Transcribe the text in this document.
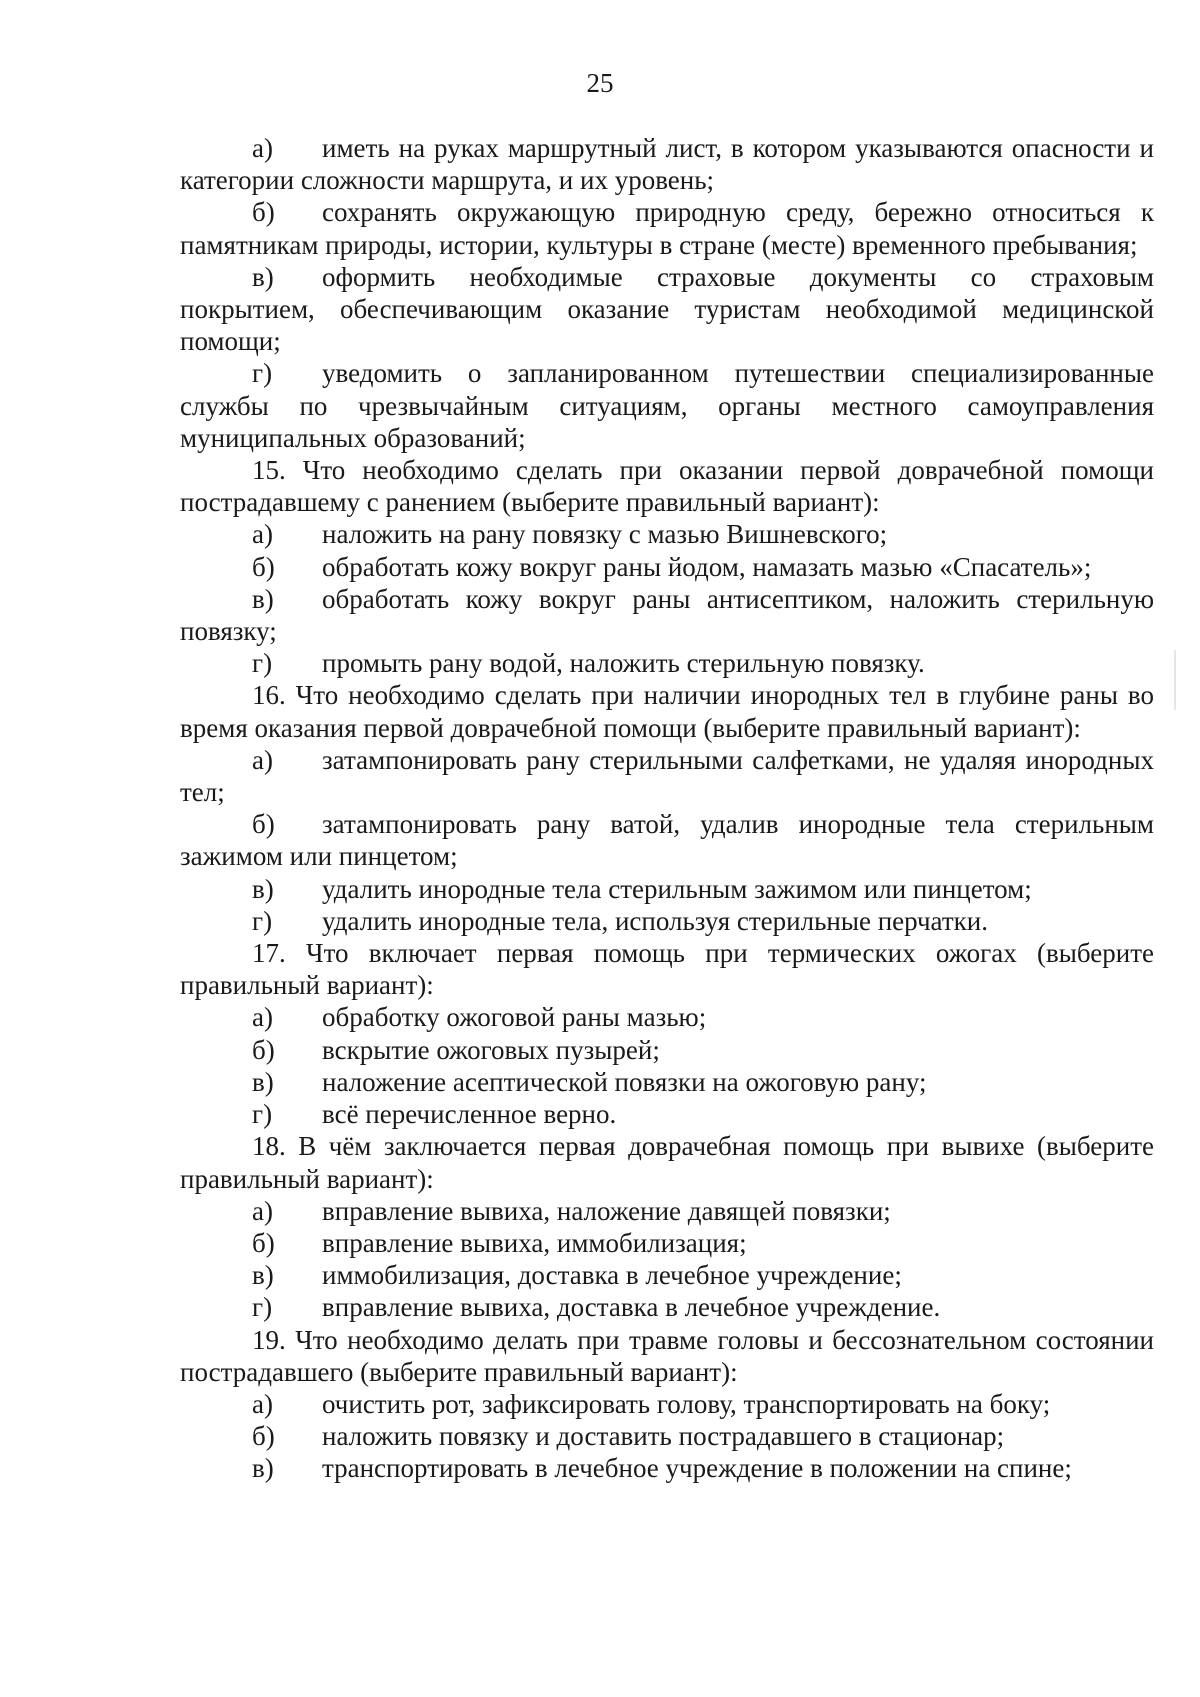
25

а) иметь на руках маршрутный лист, в котором указываются опасности и категории сложности маршрута, и их уровень;

б) сохранять окружающую природную среду, бережно относиться к памятникам природы, истории, культуры в стране (месте) временного пребывания;

в) оформить необходимые страховые документы со страховым покрытием, обеспечивающим оказание туристам необходимой медицинской помощи;

г) уведомить о запланированном путешествии специализированные службы по чрезвычайным ситуациям, органы местного самоуправления муниципальных образований;

15. Что необходимо сделать при оказании первой доврачебной помощи пострадавшему с ранением (выберите правильный вариант):

а) наложить на рану повязку с мазью Вишневского;

б) обработать кожу вокруг раны йодом, намазать мазью «Спасатель»;

в) обработать кожу вокруг раны антисептиком, наложить стерильную повязку;

г) промыть рану водой, наложить стерильную повязку.

16. Что необходимо сделать при наличии инородных тел в глубине раны во время оказания первой доврачебной помощи (выберите правильный вариант):

а) затампонировать рану стерильными салфетками, не удаляя инородных тел;

б) затампонировать рану ватой, удалив инородные тела стерильным зажимом или пинцетом;

в) удалить инородные тела стерильным зажимом или пинцетом;

г) удалить инородные тела, используя стерильные перчатки.

17. Что включает первая помощь при термических ожогах (выберите правильный вариант):

а) обработку ожоговой раны мазью;

б) вскрытие ожоговых пузырей;

в) наложение асептической повязки на ожоговую рану;

г) всё перечисленное верно.

18. В чём заключается первая доврачебная помощь при вывихе (выберите правильный вариант):

а) вправление вывиха, наложение давящей повязки;

б) вправление вывиха, иммобилизация;

в) иммобилизация, доставка в лечебное учреждение;

г) вправление вывиха, доставка в лечебное учреждение.

19. Что необходимо делать при травме головы и бессознательном состоянии пострадавшего (выберите правильный вариант):

а) очистить рот, зафиксировать голову, транспортировать на боку;

б) наложить повязку и доставить пострадавшего в стационар;

в) транспортировать в лечебное учреждение в положении на спине;
